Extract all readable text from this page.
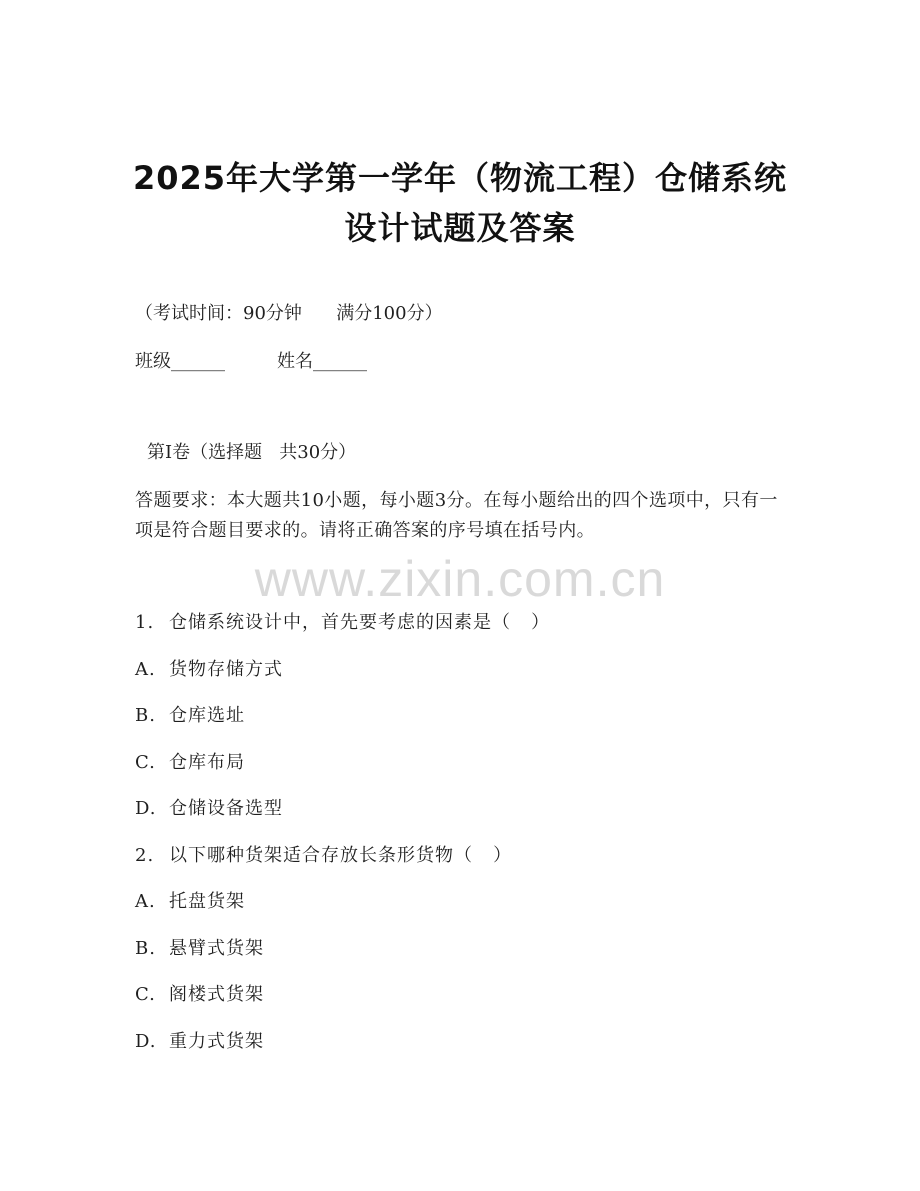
2025年大学第一学年（物流工程）仓储系统
设计试题及答案
（考试时间：90分钟      满分100分）
班级______	姓名______
第Ⅰ卷（选择题   共30分）
答题要求：本大题共10小题，每小题3分。在每小题给出的四个选项中，只有一项是符合题目要求的。请将正确答案的序号填在括号内。
www.zixin.com.cn
1. 仓储系统设计中，首先要考虑的因素是（   ）
A. 货物存储方式
B. 仓库选址
C. 仓库布局
D. 仓储设备选型
2. 以下哪种货架适合存放长条形货物（   ）
A. 托盘货架
B. 悬臂式货架
C. 阁楼式货架
D. 重力式货架
